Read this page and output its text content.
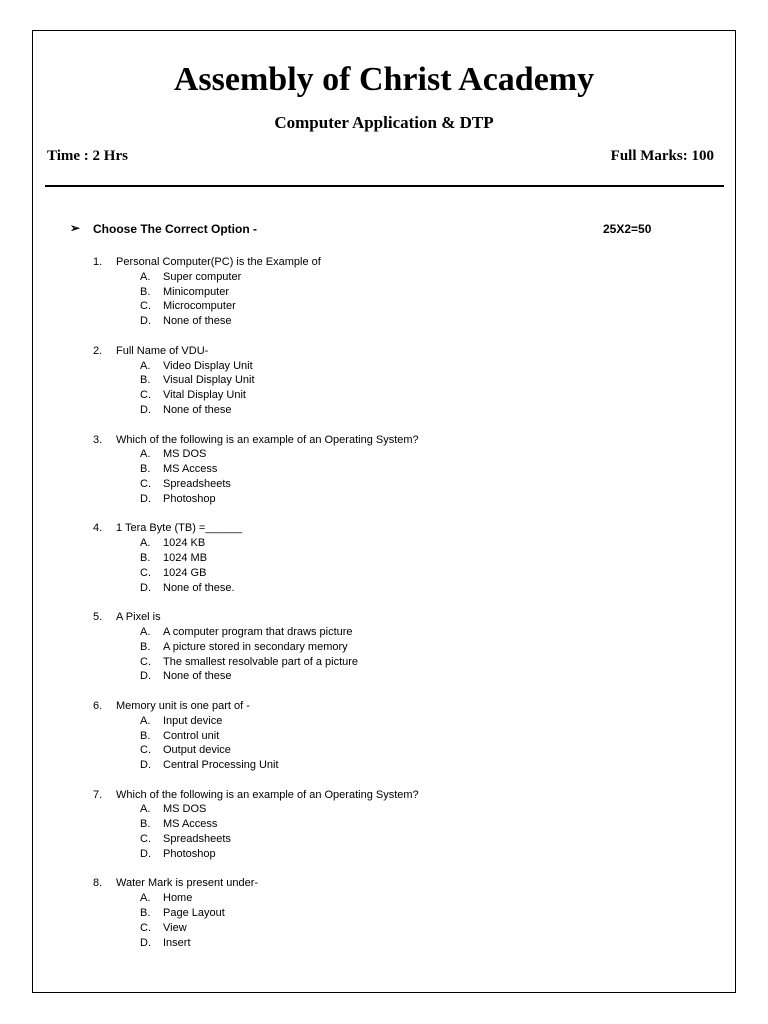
Assembly of Christ Academy
Computer Application & DTP
Time : 2 Hrs	Full Marks: 100
➢ Choose The Correct Option -	25X2=50
1.	Personal Computer(PC) is the Example of
A.	Super computer
B.	Minicomputer
C.	Microcomputer
D.	None of these
2.	Full Name of VDU-
A.	Video Display Unit
B.	Visual Display Unit
C.	Vital Display Unit
D.	None of these
3.	Which of the following is an example of an Operating System?
A.	MS DOS
B.	MS Access
C.	Spreadsheets
D.	Photoshop
4.	1 Tera Byte (TB) =______
A.	1024 KB
B.	1024 MB
C.	1024 GB
D.	None of these.
5.	A Pixel is
A.	A computer program that draws picture
B.	A picture stored in secondary memory
C.	The smallest resolvable part of a picture
D.	None of these
6.	Memory unit is one part of -
A.	Input device
B.	Control unit
C.	Output device
D.	Central Processing Unit
7.	Which of the following is an example of an Operating System?
A.	MS DOS
B.	MS Access
C.	Spreadsheets
D.	Photoshop
8.	Water Mark is present under-
A.	Home
B.	Page Layout
C.	View
D.	Insert
